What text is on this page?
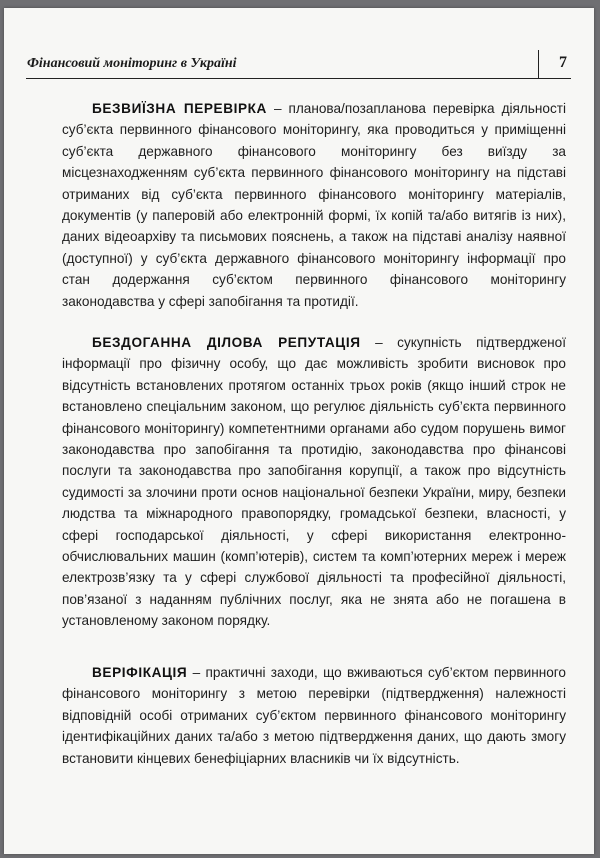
Фінансовий моніторинг в Україні	7

БЕЗВИЇЗНА ПЕРЕВІРКА – планова/позапланова перевірка діяльності суб’єкта первинного фінансового моніторингу, яка проводиться у приміщенні суб’єкта державного фінансового моніторингу без виїзду за місцезнаходженням суб’єкта первинного фінансового моніторингу на підставі отриманих від суб’єкта первинного фінансового моніторингу матеріалів, документів (у паперовій або електронній формі, їх копій та/або витягів із них), даних відеоархіву та письмових пояснень, а також на підставі аналізу наявної (доступної) у суб’єкта державного фінансового моніторингу інформації про стан додержання суб’єктом первинного фінансового моніторингу законодавства у сфері запобігання та протидії.

БЕЗДОГАННА ДІЛОВА РЕПУТАЦІЯ – сукупність підтвердженої інформації про фізичну особу, що дає можливість зробити висновок про відсутність встановлених протягом останніх трьох років (якщо інший строк не встановлено спеціальним законом, що регулює діяльність суб’єкта первинного фінансового моніторингу) компетентними органами або судом порушень вимог законодавства про запобігання та протидію, законодавства про фінансові послуги та законодавства про запобігання корупції, а також про відсутність судимості за злочини проти основ національної безпеки України, миру, безпеки людства та міжнародного правопорядку, громадської безпеки, власності, у сфері господарської діяльності, у сфері використання електронно-обчислювальних машин (комп’ютерів), систем та комп’ютерних мереж і мереж електрозв’язку та у сфері службової діяльності та професійної діяльності, пов’язаної з наданням публічних послуг, яка не знята або не погашена в установленому законом порядку.

ВЕРІФІКАЦІЯ – практичні заходи, що вживаються суб’єктом первинного фінансового моніторингу з метою перевірки (підтвердження) належності відповідній особі отриманих суб’єктом первинного фінансового моніторингу ідентифікаційних даних та/або з метою підтвердження даних, що дають змогу встановити кінцевих бенефіціарних власників чи їх відсутність.
